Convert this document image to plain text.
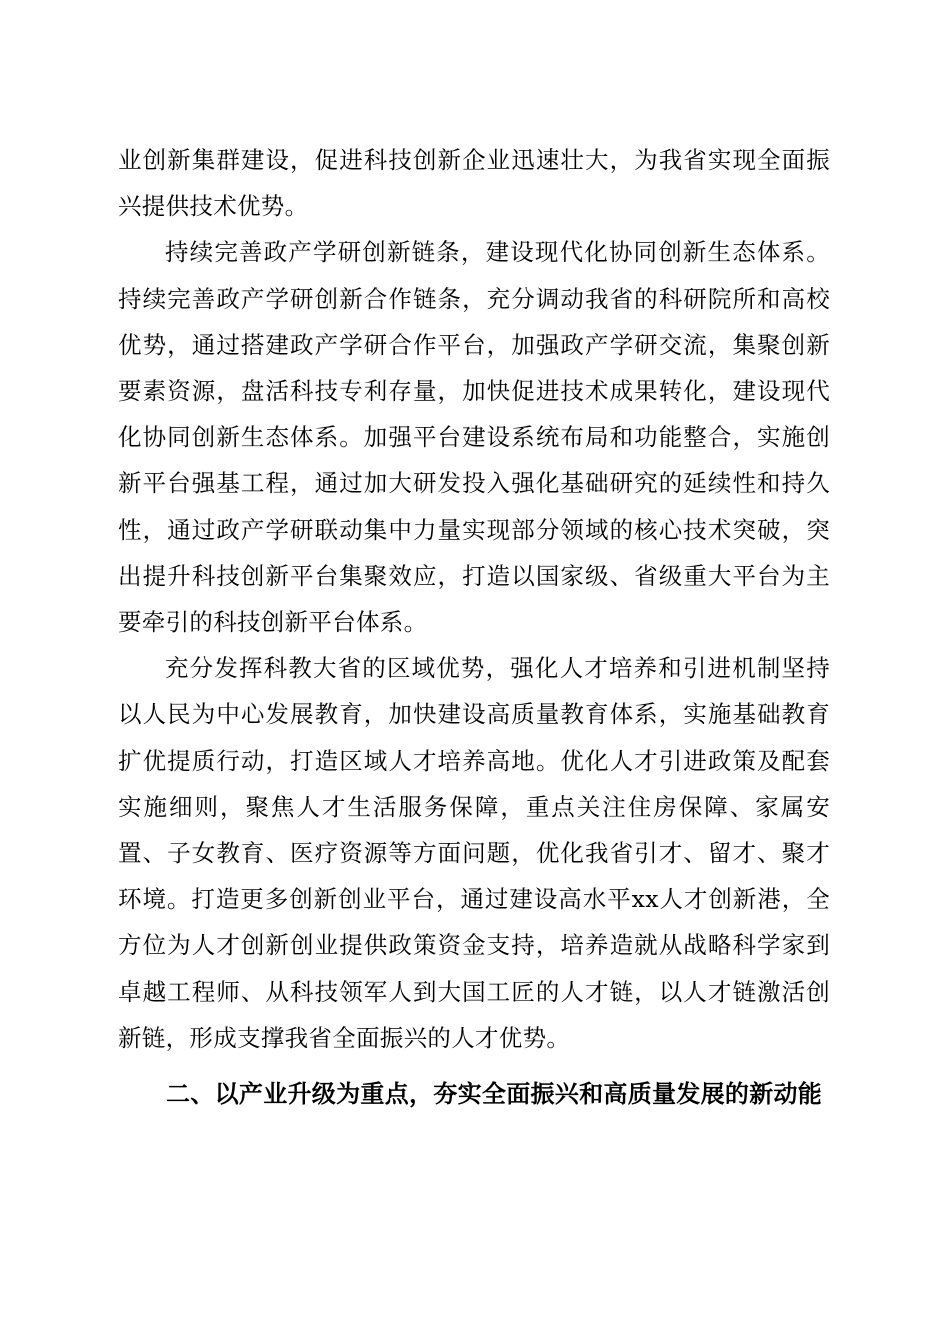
业创新集群建设，促进科技创新企业迅速壮大，为我省实现全面振兴提供技术优势。

持续完善政产学研创新链条，建设现代化协同创新生态体系。持续完善政产学研创新合作链条，充分调动我省的科研院所和高校优势，通过搭建政产学研合作平台，加强政产学研交流，集聚创新要素资源，盘活科技专利存量，加快促进技术成果转化，建设现代化协同创新生态体系。加强平台建设系统布局和功能整合，实施创新平台强基工程，通过加大研发投入强化基础研究的延续性和持久性，通过政产学研联动集中力量实现部分领域的核心技术突破，突出提升科技创新平台集聚效应，打造以国家级、省级重大平台为主要牵引的科技创新平台体系。

充分发挥科教大省的区域优势，强化人才培养和引进机制坚持以人民为中心发展教育，加快建设高质量教育体系，实施基础教育扩优提质行动，打造区域人才培养高地。优化人才引进政策及配套实施细则，聚焦人才生活服务保障，重点关注住房保障、家属安置、子女教育、医疗资源等方面问题，优化我省引才、留才、聚才环境。打造更多创新创业平台，通过建设高水平xx人才创新港，全方位为人才创新创业提供政策资金支持，培养造就从战略科学家到卓越工程师、从科技领军人到大国工匠的人才链，以人才链激活创新链，形成支撑我省全面振兴的人才优势。

二、以产业升级为重点，夯实全面振兴和高质量发展的新动能
